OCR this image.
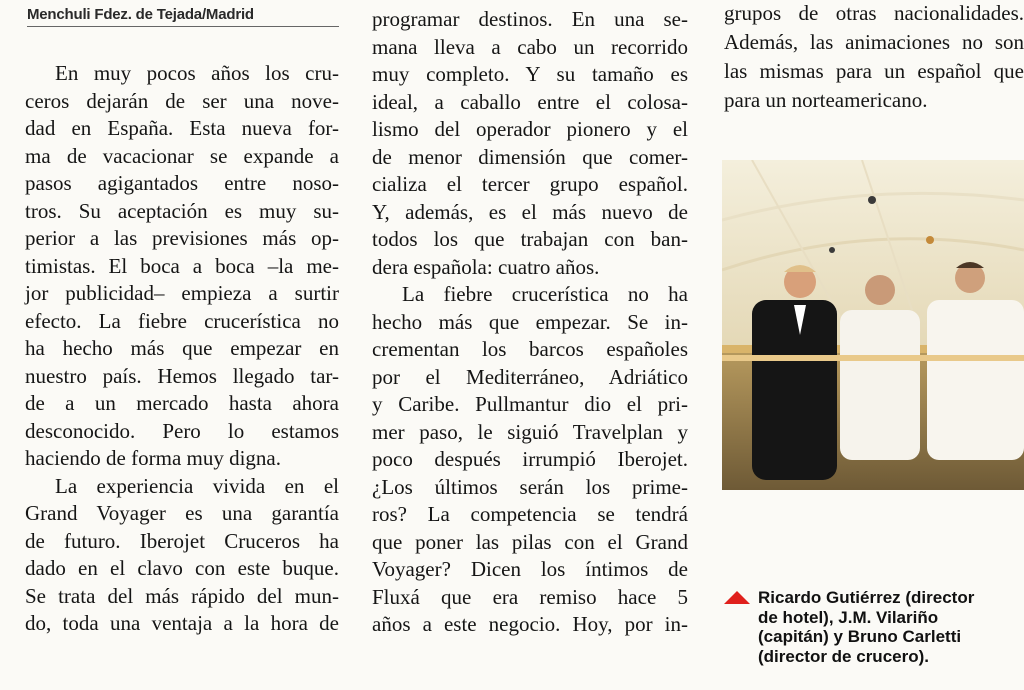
Menchuli Fdez. de Tejada/Madrid
En muy pocos años los cru-
ceros dejarán de ser una nove-
dad en España. Esta nueva for-
ma de vacacionar se expande a
pasos agigantados entre noso-
tros. Su aceptación es muy su-
perior a las previsiones más op-
timistas. El boca a boca –la me-
jor publicidad– empieza a surtir
efecto. La fiebre crucerística no
ha hecho más que empezar en
nuestro país. Hemos llegado tar-
de a un mercado hasta ahora
desconocido. Pero lo estamos
haciendo de forma muy digna.
La experiencia vivida en el
Grand Voyager es una garantía
de futuro. Iberojet Cruceros ha
dado en el clavo con este buque.
Se trata del más rápido del mun-
do, toda una ventaja a la hora de
programar destinos. En una se-
mana lleva a cabo un recorrido
muy completo. Y su tamaño es
ideal, a caballo entre el colosa-
lismo del operador pionero y el
de menor dimensión que comer-
cializa el tercer grupo español.
Y, además, es el más nuevo de
todos los que trabajan con ban-
dera española: cuatro años.
La fiebre crucerística no ha
hecho más que empezar. Se in-
crementan los barcos españoles
por el Mediterráneo, Adriático
y Caribe. Pullmantur dio el pri-
mer paso, le siguió Travelplan y
poco después irrumpió Iberojet.
¿Los últimos serán los prime-
ros? La competencia se tendrá
que poner las pilas con el Grand
Voyager? Dicen los íntimos de
Fluxá que era remiso hace 5
años a este negocio. Hoy, por in-
grupos de otras nacionalidades.
Además, las animaciones no son
las mismas para un español que
para un norteamericano.
Ricardo Gutiérrez (director
de hotel), J.M. Vilariño
(capitán) y Bruno Carletti
(director de crucero).
